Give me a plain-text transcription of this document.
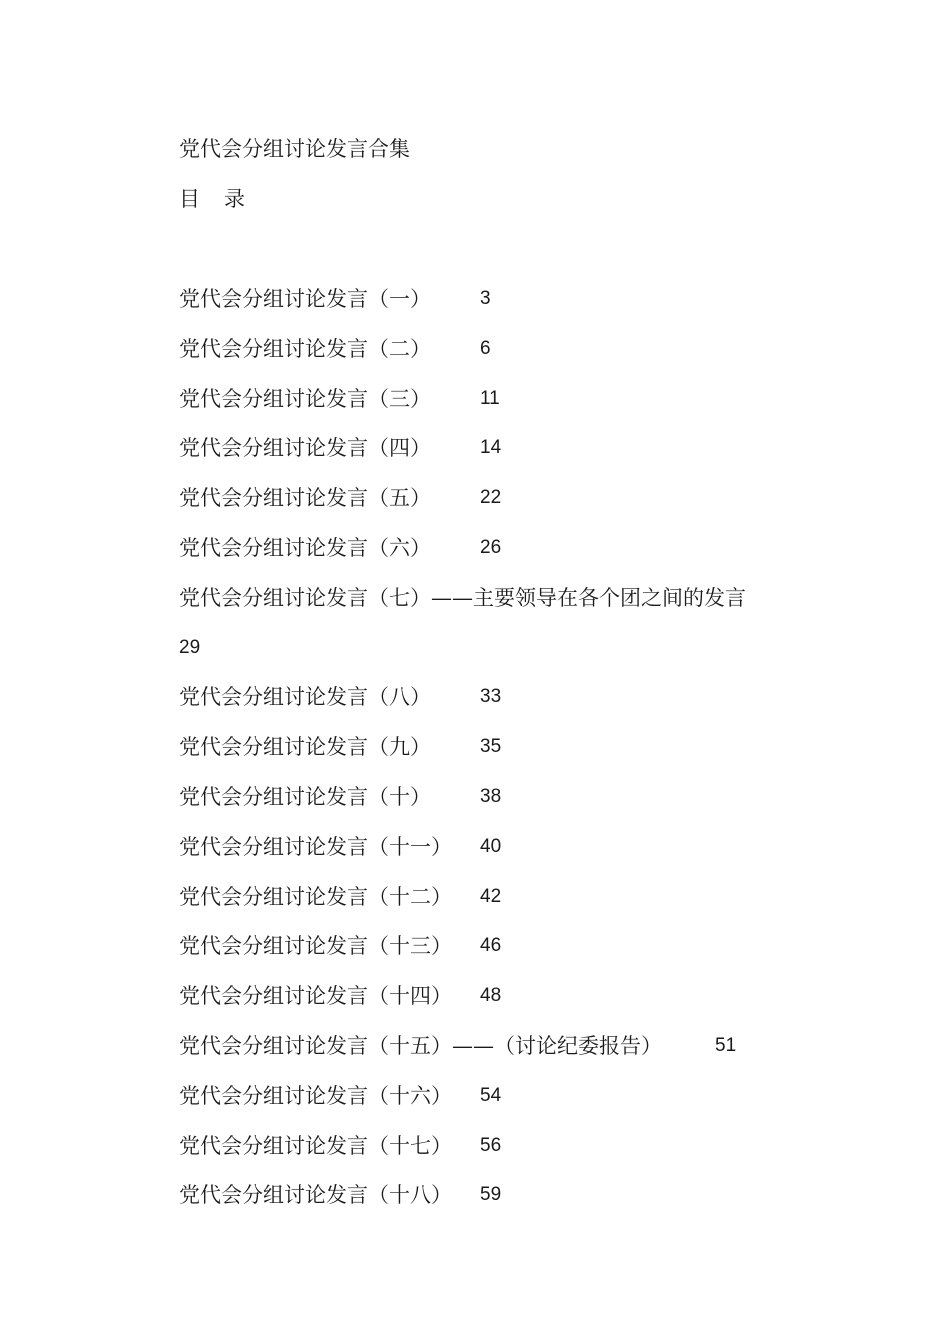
党代会分组讨论发言合集
目 录
党代会分组讨论发言（一）	3
党代会分组讨论发言（二）	6
党代会分组讨论发言（三）	11
党代会分组讨论发言（四）	14
党代会分组讨论发言（五）	22
党代会分组讨论发言（六）	26
党代会分组讨论发言（七）——主要领导在各个团之间的发言
29
党代会分组讨论发言（八）	33
党代会分组讨论发言（九）	35
党代会分组讨论发言（十）	38
党代会分组讨论发言（十一）	40
党代会分组讨论发言（十二）	42
党代会分组讨论发言（十三）	46
党代会分组讨论发言（十四）	48
党代会分组讨论发言（十五）——（讨论纪委报告）	51
党代会分组讨论发言（十六）	54
党代会分组讨论发言（十七）	56
党代会分组讨论发言（十八）	59
